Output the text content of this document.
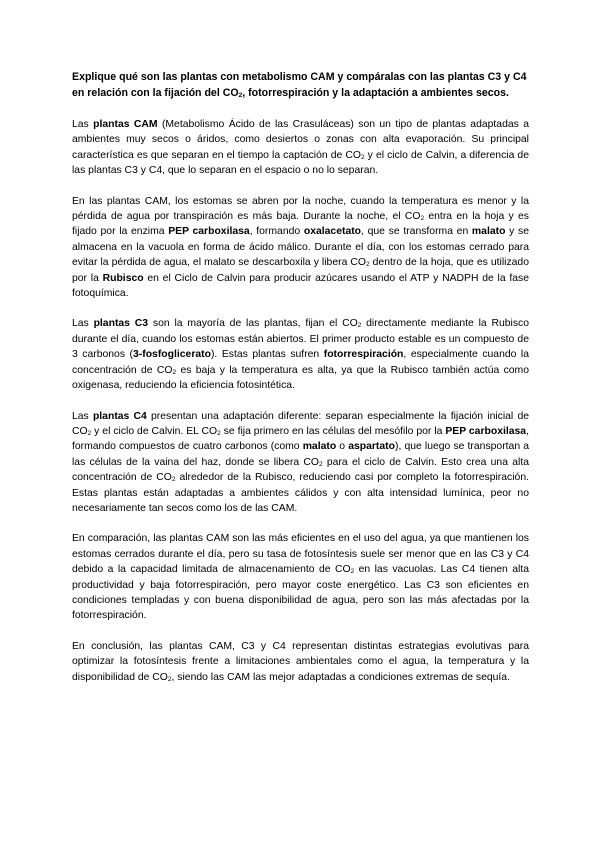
Explique qué son las plantas con metabolismo CAM y compáralas con las plantas C3 y C4 en relación con la fijación del $CO_2$, fotorrespiración y la adaptación a ambientes secos.

Las plantas CAM (Metabolismo Ácido de las Crasuláceas) son un tipo de plantas adaptadas a ambientes muy secos o áridos, como desiertos o zonas con alta evaporación. Su principal característica es que separan en el tiempo la captación de $CO_2$ y el ciclo de Calvin, a diferencia de las plantas C3 y C4, que lo separan en el espacio o no lo separan.

En las plantas CAM, los estomas se abren por la noche, cuando la temperatura es menor y la pérdida de agua por transpiración es más baja. Durante la noche, el $CO_2$ entra en la hoja y es fijado por la enzima PEP carboxilasa, formando oxalacetato, que se transforma en malato y se almacena en la vacuola en forma de ácido málico. Durante el día, con los estomas cerrado para evitar la pérdida de agua, el malato se descarboxila y libera $CO_2$ dentro de la hoja, que es utilizado por la Rubisco en el Ciclo de Calvin para producir azúcares usando el ATP y NADPH de la fase fotoquímica.

Las plantas C3 son la mayoría de las plantas, fijan el $CO_2$ directamente mediante la Rubisco durante el día, cuando los estomas están abiertos. El primer producto estable es un compuesto de 3 carbonos (3-fosfoglicerato). Estas plantas sufren fotorrespiración, especialmente cuando la concentración de $CO_2$ es baja y la temperatura es alta, ya que la Rubisco también actúa como oxigenasa, reduciendo la eficiencia fotosintética.

Las plantas C4 presentan una adaptación diferente: separan especialmente la fijación inicial de $CO_2$ y el ciclo de Calvin. EL $CO_2$ se fija primero en las células del mesófilo por la PEP carboxilasa, formando compuestos de cuatro carbonos (como malato o aspartato), que luego se transportan a las células de la vaina del haz, donde se libera $CO_2$ para el ciclo de Calvin. Esto crea una alta concentración de $CO_2$ alrededor de la Rubisco, reduciendo casi por completo la fotorrespiración. Estas plantas están adaptadas a ambientes cálidos y con alta intensidad lumínica, peor no necesariamente tan secos como los de las CAM.

En comparación, las plantas CAM son las más eficientes en el uso del agua, ya que mantienen los estomas cerrados durante el día, pero su tasa de fotosíntesis suele ser menor que en las C3 y C4 debido a la capacidad limitada de almacenamiento de $CO_2$ en las vacuolas. Las C4 tienen alta productividad y baja fotorrespiración, pero mayor coste energético. Las C3 son eficientes en condiciones templadas y con buena disponibilidad de agua, pero son las más afectadas por la fotorrespiración.

En conclusión, las plantas CAM, C3 y C4 representan distintas estrategias evolutivas para optimizar la fotosíntesis frente a limitaciones ambientales como el agua, la temperatura y la disponibilidad de $CO_2$, siendo las CAM las mejor adaptadas a condiciones extremas de sequía.
